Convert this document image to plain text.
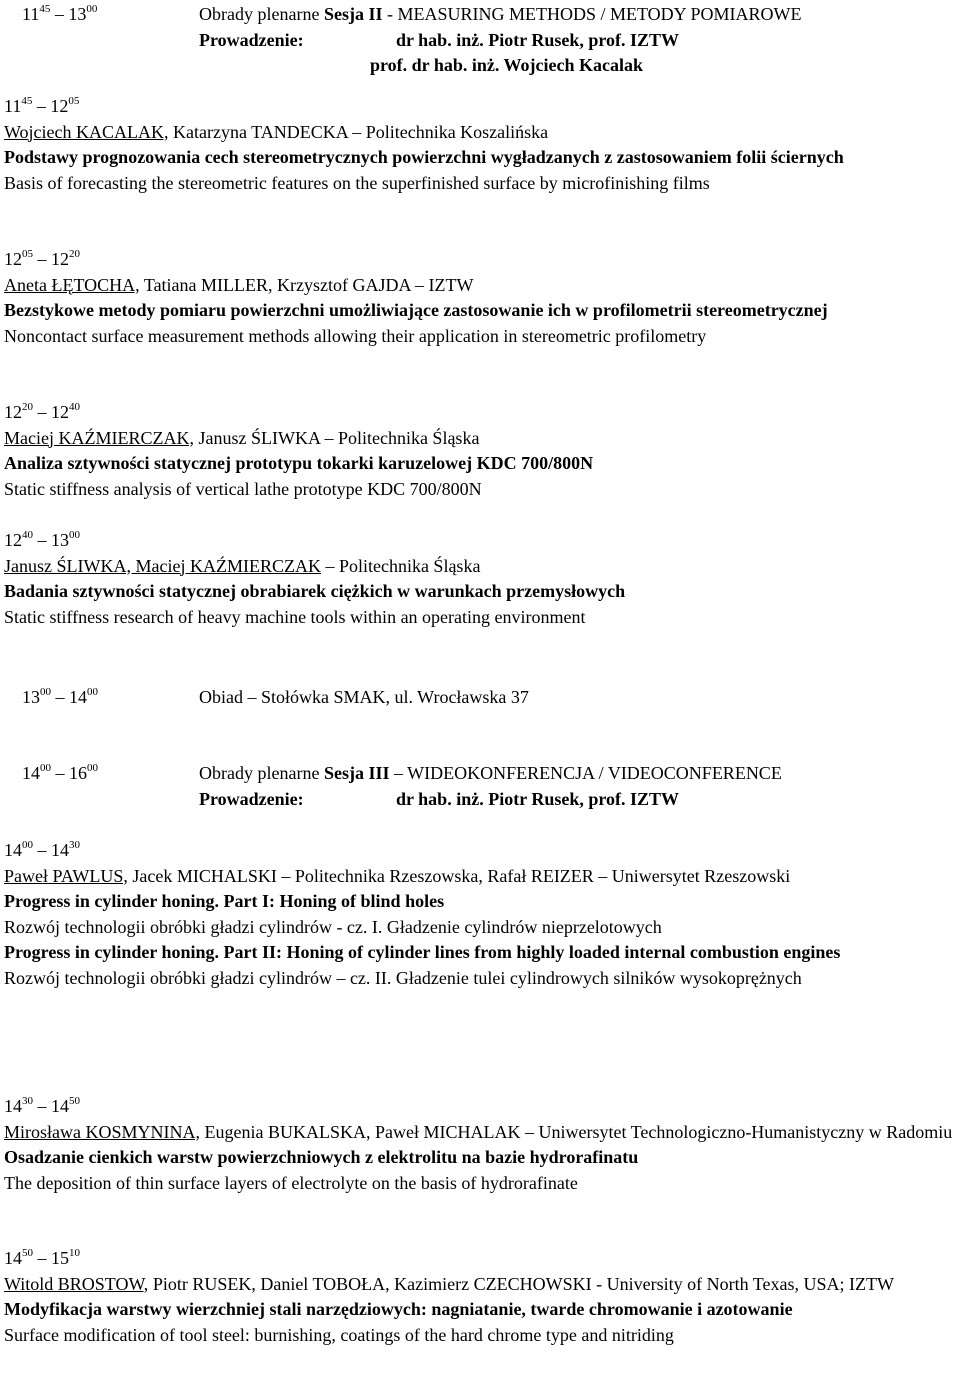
$11^{45} - 13^{00}$	Obrady plenarne Sesja II - MEASURING METHODS / METODY POMIAROWE
Prowadzenie:	dr hab. inż. Piotr Rusek, prof. IZTW
prof. dr hab. inż. Wojciech Kacalak
$11^{45} - 12^{05}$
Wojciech KACALAK, Katarzyna TANDECKA – Politechnika Koszalińska
Podstawy prognozowania cech stereometrycznych powierzchni wygładzanych z zastosowaniem folii ściernych
Basis of forecasting the stereometric features on the superfinished surface by microfinishing films
$12^{05} - 12^{20}$
Aneta ŁĘTOCHA, Tatiana MILLER, Krzysztof GAJDA – IZTW
Bezstykowe metody pomiaru powierzchni umożliwiające zastosowanie ich w profilometrii stereometrycznej
Noncontact surface measurement methods allowing their application in stereometric profilometry
$12^{20} - 12^{40}$
Maciej KAŹMIERCZAK, Janusz ŚLIWKA – Politechnika Śląska
Analiza sztywności statycznej prototypu tokarki karuzelowej KDC 700/800N
Static stiffness analysis of vertical lathe prototype KDC 700/800N
$12^{40} - 13^{00}$
Janusz ŚLIWKA, Maciej KAŹMIERCZAK – Politechnika Śląska
Badania sztywności statycznej obrabiarek ciężkich w warunkach przemysłowych
Static stiffness research of heavy machine tools within an operating environment
$13^{00} - 14^{00}$	Obiad – Stołówka SMAK, ul. Wrocławska 37
$14^{00} - 16^{00}$	Obrady plenarne Sesja III – WIDEOKONFERENCJA / VIDEOCONFERENCE
Prowadzenie:	dr hab. inż. Piotr Rusek, prof. IZTW
$14^{00} - 14^{30}$
Paweł PAWLUS, Jacek MICHALSKI – Politechnika Rzeszowska, Rafał REIZER – Uniwersytet Rzeszowski
Progress in cylinder honing. Part I: Honing of blind holes
Rozwój technologii obróbki gładzi cylindrów - cz. I. Gładzenie cylindrów nieprzelotowych
Progress in cylinder honing. Part II: Honing of cylinder lines from highly loaded internal combustion engines
Rozwój technologii obróbki gładzi cylindrów – cz. II. Gładzenie tulei cylindrowych silników wysokoprężnych
$14^{30} - 14^{50}$
Mirosława KOSMYNINA, Eugenia BUKALSKA, Paweł MICHALAK – Uniwersytet Technologiczno-Humanistyczny w Radomiu
Osadzanie cienkich warstw powierzchniowych z elektrolitu na bazie hydrorafinatu
The deposition of thin surface layers of electrolyte on the basis of hydrorafinate
$14^{50} - 15^{10}$
Witold BROSTOW, Piotr RUSEK, Daniel TOBOŁA, Kazimierz CZECHOWSKI - University of North Texas, USA; IZTW
Modyfikacja warstwy wierzchniej stali narzędziowych: nagniatanie, twarde chromowanie i azotowanie
Surface modification of tool steel: burnishing, coatings of the hard chrome type and nitriding
